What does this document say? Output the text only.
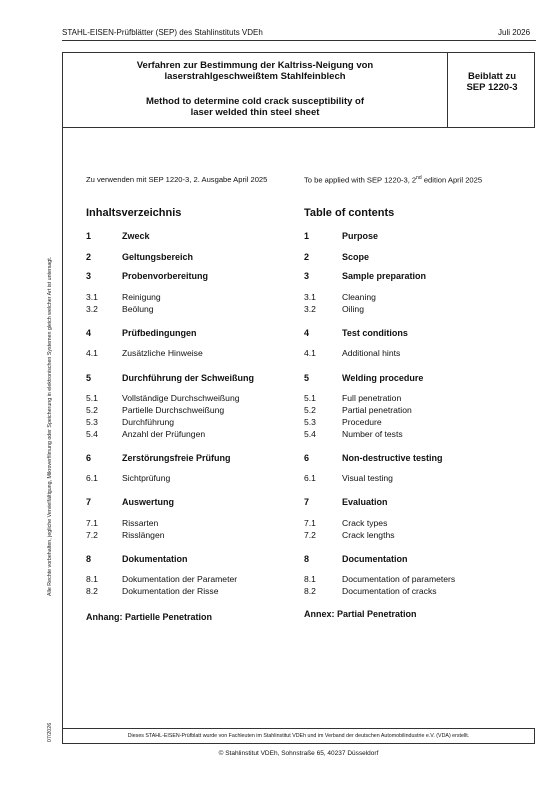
STAHL-EISEN-Prüfblätter (SEP) des Stahlinstituts VDEh	Juli 2026
Verfahren zur Bestimmung der Kaltriss-Neigung von
laserstrahlgeschweißtem Stahlfeinblech
Method to determine cold crack susceptibility of
laser welded thin steel sheet
Beiblatt zu
SEP 1220-3
Alle Rechte vorbehalten, jegliche Vervielfältigung, Mikroverfilmung oder Speicherung in elektronischen Systemen gleich welcher Art ist untersagt.
07/2026
Zu verwenden mit SEP 1220-3, 2. Ausgabe April 2025	To be applied with SEP 1220-3, 2nd edition April 2025
Inhaltsverzeichnis	Table of contents
1	Zweck	1	Purpose
2	Geltungsbereich	2	Scope
3	Probenvorbereitung	3	Sample preparation
3.1	Reinigung	3.1	Cleaning
3.2	Beölung	3.2	Oiling
4	Prüfbedingungen	4	Test conditions
4.1	Zusätzliche Hinweise	4.1	Additional hints
5	Durchführung der Schweißung	5	Welding procedure
5.1	Vollständige Durchschweißung	5.1	Full penetration
5.2	Partielle Durchschweißung	5.2	Partial penetration
5.3	Durchführung	5.3	Procedure
5.4	Anzahl der Prüfungen	5.4	Number of tests
6	Zerstörungsfreie Prüfung	6	Non-destructive testing
6.1	Sichtprüfung	6.1	Visual testing
7	Auswertung	7	Evaluation
7.1	Rissarten	7.1	Crack types
7.2	Risslängen	7.2	Crack lengths
8	Dokumentation	8	Documentation
8.1	Dokumentation der Parameter	8.1	Documentation of parameters
8.2	Dokumentation der Risse	8.2	Documentation of cracks
Anhang: Partielle Penetration	Annex: Partial Penetration
Dieses STAHL-EISEN-Prüfblatt wurde von Fachleuten im Stahlinstitut VDEh und im Verband der deutschen Automobilindustrie e.V. (VDA) erstellt.
© Stahlinstitut VDEh, Sohnstraße 65, 40237 Düsseldorf
